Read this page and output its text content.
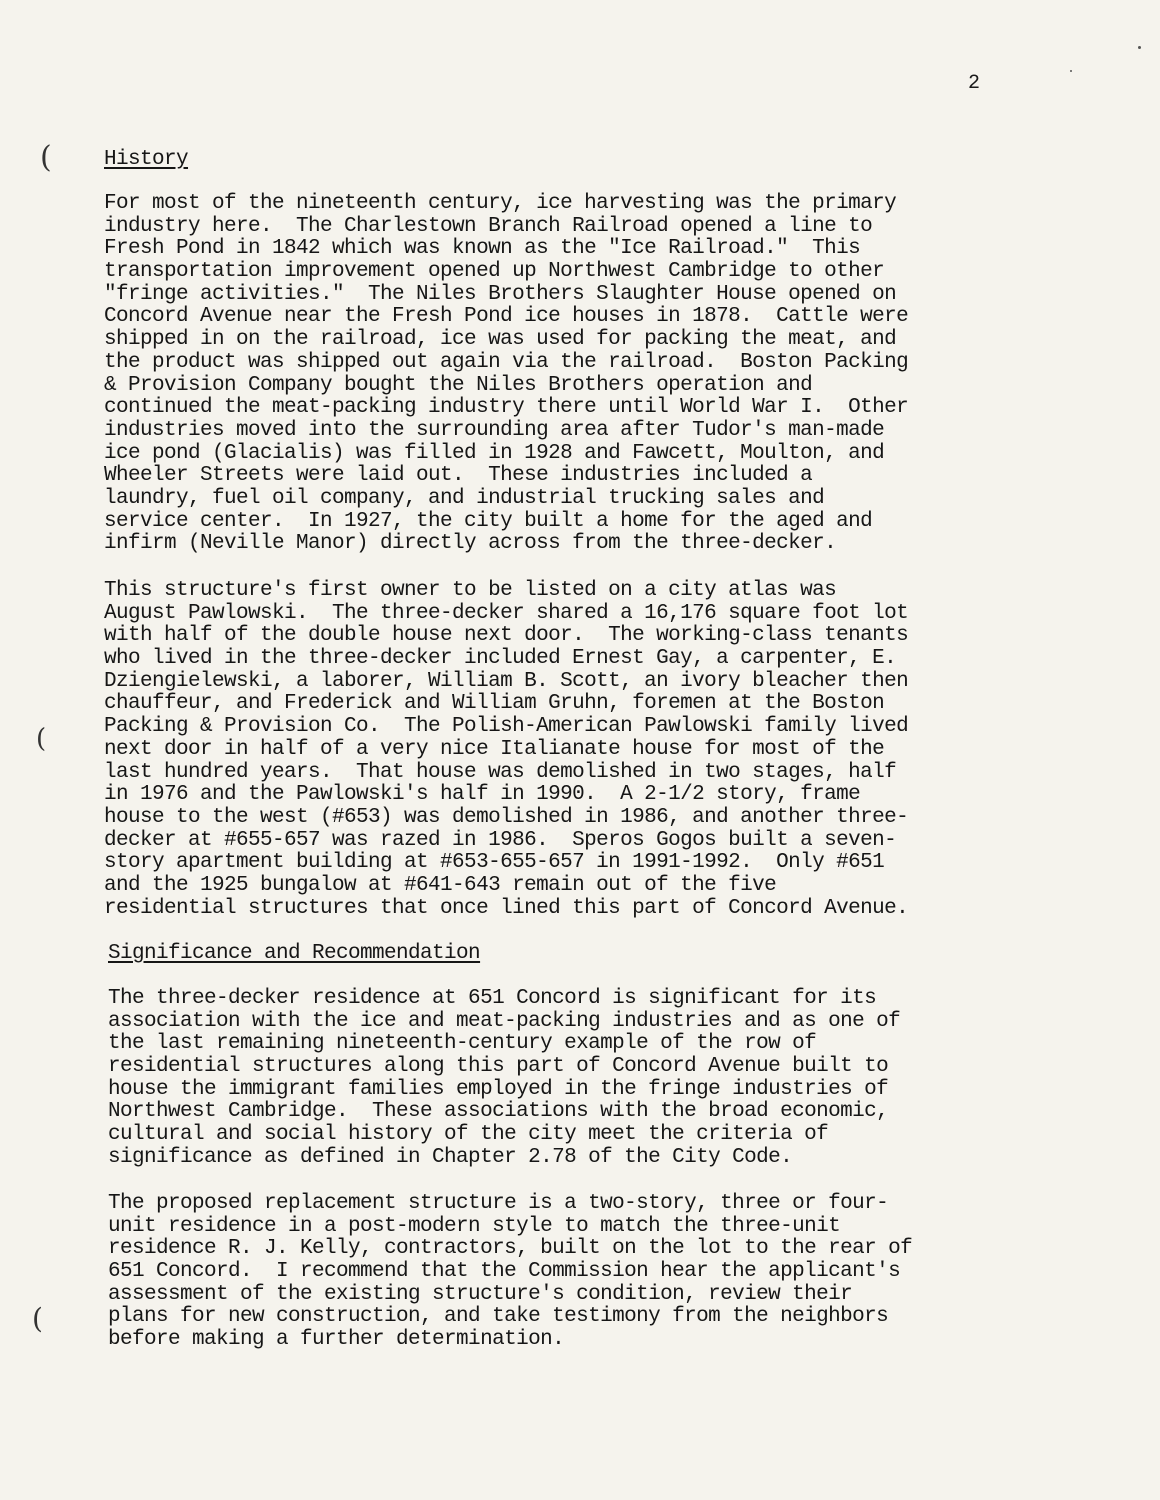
2
(
(
(
History
For most of the nineteenth century, ice harvesting was the primary
industry here.  The Charlestown Branch Railroad opened a line to
Fresh Pond in 1842 which was known as the "Ice Railroad."  This
transportation improvement opened up Northwest Cambridge to other
"fringe activities."  The Niles Brothers Slaughter House opened on
Concord Avenue near the Fresh Pond ice houses in 1878.  Cattle were
shipped in on the railroad, ice was used for packing the meat, and
the product was shipped out again via the railroad.  Boston Packing
& Provision Company bought the Niles Brothers operation and
continued the meat-packing industry there until World War I.  Other
industries moved into the surrounding area after Tudor's man-made
ice pond (Glacialis) was filled in 1928 and Fawcett, Moulton, and
Wheeler Streets were laid out.  These industries included a
laundry, fuel oil company, and industrial trucking sales and
service center.  In 1927, the city built a home for the aged and
infirm (Neville Manor) directly across from the three-decker.
This structure's first owner to be listed on a city atlas was
August Pawlowski.  The three-decker shared a 16,176 square foot lot
with half of the double house next door.  The working-class tenants
who lived in the three-decker included Ernest Gay, a carpenter, E.
Dziengielewski, a laborer, William B. Scott, an ivory bleacher then
chauffeur, and Frederick and William Gruhn, foremen at the Boston
Packing & Provision Co.  The Polish-American Pawlowski family lived
next door in half of a very nice Italianate house for most of the
last hundred years.  That house was demolished in two stages, half
in 1976 and the Pawlowski's half in 1990.  A 2-1/2 story, frame
house to the west (#653) was demolished in 1986, and another three-
decker at #655-657 was razed in 1986.  Speros Gogos built a seven-
story apartment building at #653-655-657 in 1991-1992.  Only #651
and the 1925 bungalow at #641-643 remain out of the five
residential structures that once lined this part of Concord Avenue.
Significance and Recommendation
The three-decker residence at 651 Concord is significant for its
association with the ice and meat-packing industries and as one of
the last remaining nineteenth-century example of the row of
residential structures along this part of Concord Avenue built to
house the immigrant families employed in the fringe industries of
Northwest Cambridge.  These associations with the broad economic,
cultural and social history of the city meet the criteria of
significance as defined in Chapter 2.78 of the City Code.
The proposed replacement structure is a two-story, three or four-
unit residence in a post-modern style to match the three-unit
residence R. J. Kelly, contractors, built on the lot to the rear of
651 Concord.  I recommend that the Commission hear the applicant's
assessment of the existing structure's condition, review their
plans for new construction, and take testimony from the neighbors
before making a further determination.
